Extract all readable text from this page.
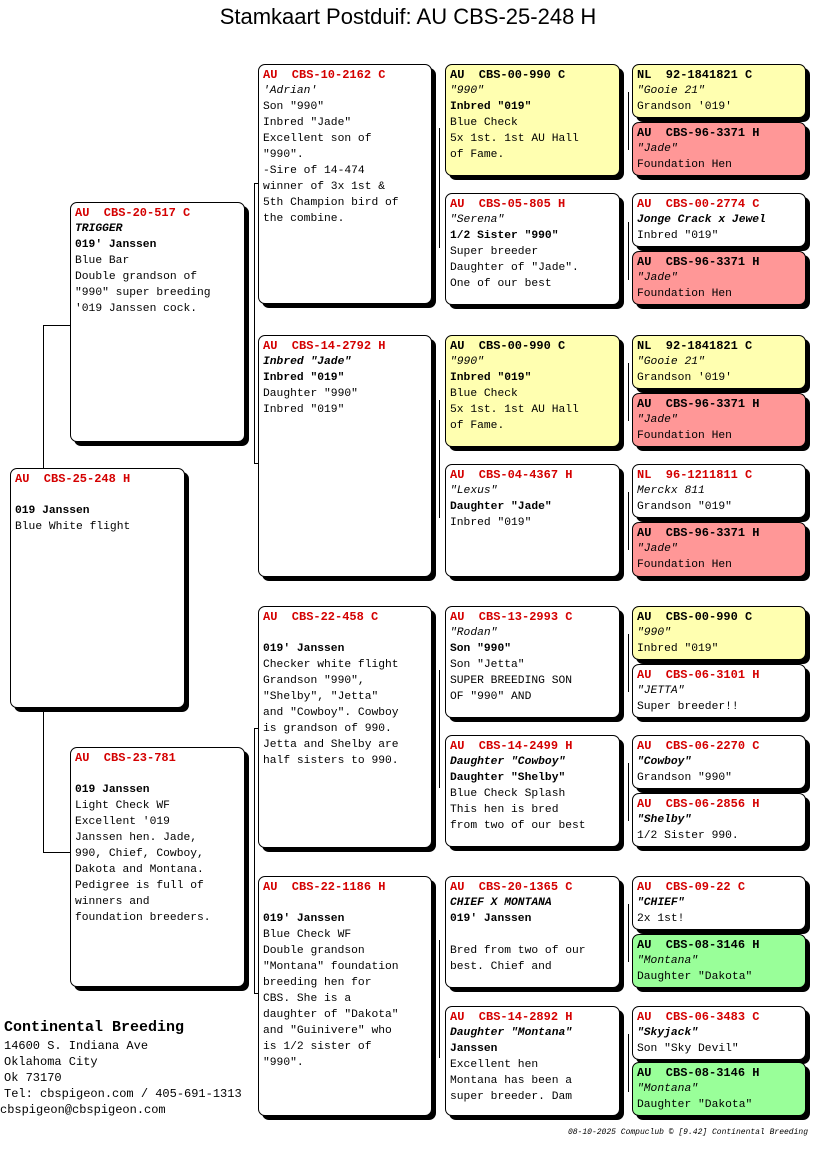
Stamkaart Postduif: AU CBS-25-248 H
AU  CBS-25-248 H
019 Janssen
Blue White flight
AU  CBS-20-517 C
TRIGGER
019' Janssen
Blue Bar
Double grandson of
"990" super breeding
'019 Janssen cock.
AU  CBS-23-781
019 Janssen
Light Check WF
Excellent '019
Janssen hen. Jade,
990, Chief, Cowboy,
Dakota and Montana.
Pedigree is full of
winners and
foundation breeders.
AU  CBS-10-2162 C
'Adrian'
Son "990"
Inbred "Jade"
Excellent son of
"990".
-Sire of 14-474
winner of 3x 1st &
5th Champion bird of
the combine.
AU  CBS-14-2792 H
Inbred "Jade"
Inbred "019"
Daughter "990"
Inbred "019"
AU  CBS-22-458 C
019' Janssen
Checker white flight
Grandson "990",
"Shelby", "Jetta"
and "Cowboy". Cowboy
is grandson of 990.
Jetta and Shelby are
half sisters to 990.
AU  CBS-22-1186 H
019' Janssen
Blue Check WF
Double grandson
"Montana" foundation
breeding hen for
CBS. She is a
daughter of "Dakota"
and "Guinivere" who
is 1/2 sister of
"990".
AU  CBS-00-990 C
"990"
Inbred "019"
Blue Check
5x 1st. 1st AU Hall
of Fame.
AU  CBS-05-805 H
"Serena"
1/2 Sister "990"
Super breeder
Daughter of "Jade".
One of our best
AU  CBS-00-990 C
"990"
Inbred "019"
Blue Check
5x 1st. 1st AU Hall
of Fame.
AU  CBS-04-4367 H
"Lexus"
Daughter "Jade"
Inbred "019"
AU  CBS-13-2993 C
"Rodan"
Son "990"
Son "Jetta"
SUPER BREEDING SON
OF "990" AND
AU  CBS-14-2499 H
Daughter "Cowboy"
Daughter "Shelby"
Blue Check Splash
This hen is bred
from two of our best
AU  CBS-20-1365 C
CHIEF X MONTANA
019' Janssen
Bred from two of our
best. Chief and
AU  CBS-14-2892 H
Daughter "Montana"
Janssen
Excellent hen
Montana has been a
super breeder. Dam
NL  92-1841821 C
"Gooie 21"
Grandson '019'
AU  CBS-96-3371 H
"Jade"
Foundation Hen
AU  CBS-00-2774 C
Jonge Crack x Jewel
Inbred "019"
AU  CBS-96-3371 H
"Jade"
Foundation Hen
NL  92-1841821 C
"Gooie 21"
Grandson '019'
AU  CBS-96-3371 H
"Jade"
Foundation Hen
NL  96-1211811 C
Merckx 811
Grandson "019"
AU  CBS-96-3371 H
"Jade"
Foundation Hen
AU  CBS-00-990 C
"990"
Inbred "019"
AU  CBS-06-3101 H
"JETTA"
Super breeder!!
AU  CBS-06-2270 C
"Cowboy"
Grandson "990"
AU  CBS-06-2856 H
"Shelby"
1/2 Sister 990.
AU  CBS-09-22 C
"CHIEF"
2x 1st!
AU  CBS-08-3146 H
"Montana"
Daughter "Dakota"
AU  CBS-06-3483 C
"Skyjack"
Son "Sky Devil"
AU  CBS-08-3146 H
"Montana"
Daughter "Dakota"
Continental Breeding
14600 S. Indiana Ave
Oklahoma City
Ok 73170
Tel: cbspigeon.com / 405-691-1313
cbspigeon@cbspigeon.com
08-10-2025 Compuclub © [9.42] Continental Breeding
